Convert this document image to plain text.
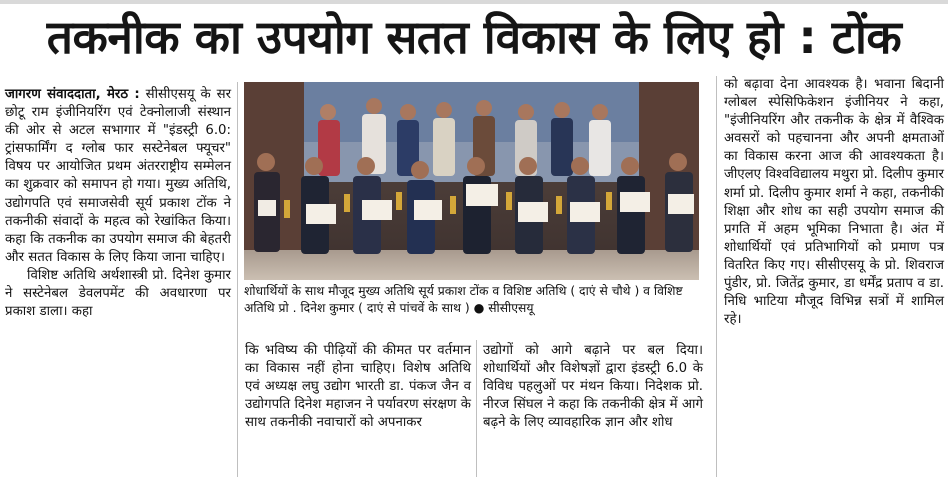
तकनीक का उपयोग सतत विकास के लिए हो : टोंक

जागरण संवाददाता, मेरठ : सीसीएसयू के सर छोटू राम इंजीनियरिंग एवं टेक्नोलाजी संस्थान की ओर से अटल सभागार में "इंडस्ट्री 6.0: ट्रांसफार्मिंग द ग्लोब फार सस्टेनेबल फ्यूचर" विषय पर आयोजित प्रथम अंतरराष्ट्रीय सम्मेलन का शुक्रवार को समापन हो गया। मुख्य अतिथि, उद्योगपति एवं समाजसेवी सूर्य प्रकाश टोंक ने तकनीकी संवादों के महत्व को रेखांकित किया। कहा कि तकनीक का उपयोग समाज की बेहतरी और सतत विकास के लिए किया जाना चाहिए।

विशिष्ट अतिथि अर्थशास्त्री प्रो. दिनेश कुमार ने सस्टेनेबल डेवलपमेंट की अवधारणा पर प्रकाश डाला। कहा

शोधार्थियों के साथ मौजूद मुख्य अतिथि सूर्य प्रकाश टोंक व विशिष्ट अतिथि ( दाएं से चौथे ) व विशिष्ट अतिथि प्रो . दिनेश कुमार ( दाएं से पांचवें के साथ ) ● सीसीएसयू

कि भविष्य की पीढ़ियों की कीमत पर वर्तमान का विकास नहीं होना चाहिए। विशेष अतिथि एवं अध्यक्ष लघु उद्योग भारती डा. पंकज जैन व उद्योगपति दिनेश महाजन ने पर्यावरण संरक्षण के साथ तकनीकी नवाचारों को अपनाकर

उद्योगों को आगे बढ़ाने पर बल दिया। शोधार्थियों और विशेषज्ञों द्वारा इंडस्ट्री 6.0 के विविध पहलुओं पर मंथन किया। निदेशक प्रो. नीरज सिंघल ने कहा कि तकनीकी क्षेत्र में आगे बढ़ने के लिए व्यावहारिक ज्ञान और शोध

को बढ़ावा देना आवश्यक है। भवाना बिदानी ग्लोबल स्पेसिफिकेशन इंजीनियर ने कहा, "इंजीनियरिंग और तकनीक के क्षेत्र में वैश्विक अवसरों को पहचानना और अपनी क्षमताओं का विकास करना आज की आवश्यकता है। जीएलए विश्वविद्यालय मथुरा प्रो. दिलीप कुमार शर्मा प्रो. दिलीप कुमार शर्मा ने कहा, तकनीकी शिक्षा और शोध का सही उपयोग समाज की प्रगति में अहम भूमिका निभाता है। अंत में शोधार्थियों एवं प्रतिभागियों को प्रमाण पत्र वितरित किए गए। सीसीएसयू के प्रो. शिवराज पुंडीर, प्रो. जितेंद्र कुमार, डा धर्मेंद्र प्रताप व डा. निधि भाटिया मौजूद विभिन्न सत्रों में शामिल रहे।
